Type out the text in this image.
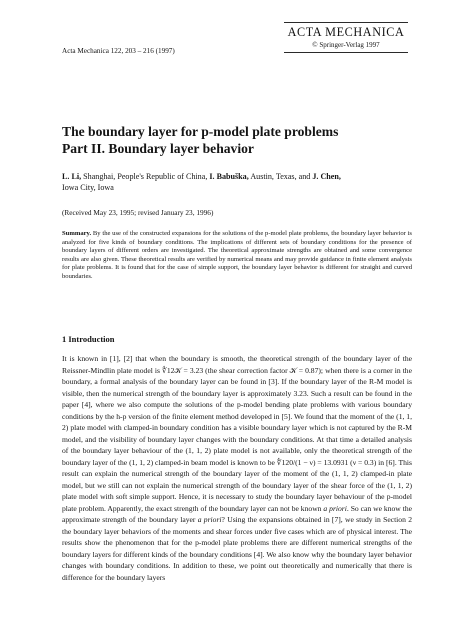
Acta Mechanica 122, 203 – 216 (1997)
ACTA MECHANICA
© Springer-Verlag 1997
The boundary layer for p-model plate problems
Part II. Boundary layer behavior
L. Li, Shanghai, People's Republic of China, I. Babuška, Austin, Texas, and J. Chen,
Iowa City, Iowa
(Received May 23, 1995; revised January 23, 1996)
Summary. By the use of the constructed expansions for the solutions of the p-model plate problems, the boundary layer behavior is analyzed for five kinds of boundary conditions. The implications of different sets of boundary conditions for the presence of boundary layers of different orders are investigated. The theoretical approximate strengths are obtained and some convergence results are also given. These theoretical results are verified by numerical means and may provide guidance in finite element analysis for plate problems. It is found that for the case of simple support, the boundary layer behavior is different for straight and curved boundaries.
1 Introduction
It is known in [1], [2] that when the boundary is smooth, the theoretical strength of the boundary layer of the Reissner-Mindlin plate model is ∜12𝒦 = 3.23 (the shear correction factor 𝒦 = 0.87); when there is a corner in the boundary, a formal analysis of the boundary layer can be found in [3]. If the boundary layer of the R-M model is visible, then the numerical strength of the boundary layer is approximately 3.23. Such a result can be found in the paper [4], where we also compute the solutions of the p-model bending plate problems with various boundary conditions by the h-p version of the finite element method developed in [5]. We found that the moment of the (1, 1, 2) plate model with clamped-in boundary condition has a visible boundary layer which is not captured by the R-M model, and the visibility of boundary layer changes with the boundary conditions. At that time a detailed analysis of the boundary layer behaviour of the (1, 1, 2) plate model is not available, only the theoretical strength of the boundary layer of the (1, 1, 2) clamped-in beam model is known to be ∜120/(1 − ν) = 13.0931 (ν = 0.3) in [6]. This result can explain the numerical strength of the boundary layer of the moment of the (1, 1, 2) clamped-in plate model, but we still can not explain the numerical strength of the boundary layer of the shear force of the (1, 1, 2) plate model with soft simple support. Hence, it is necessary to study the boundary layer behaviour of the p-model plate problem. Apparently, the exact strength of the boundary layer can not be known a priori. So can we know the approximate strength of the boundary layer a priori? Using the expansions obtained in [7], we study in Section 2 the boundary layer behaviors of the moments and shear forces under five cases which are of physical interest. The results show the phenomenon that for the p-model plate problems there are different numerical strengths of the boundary layers for different kinds of the boundary conditions [4]. We also know why the boundary layer behavior changes with boundary conditions. In addition to these, we point out theoretically and numerically that there is difference for the boundary layers
